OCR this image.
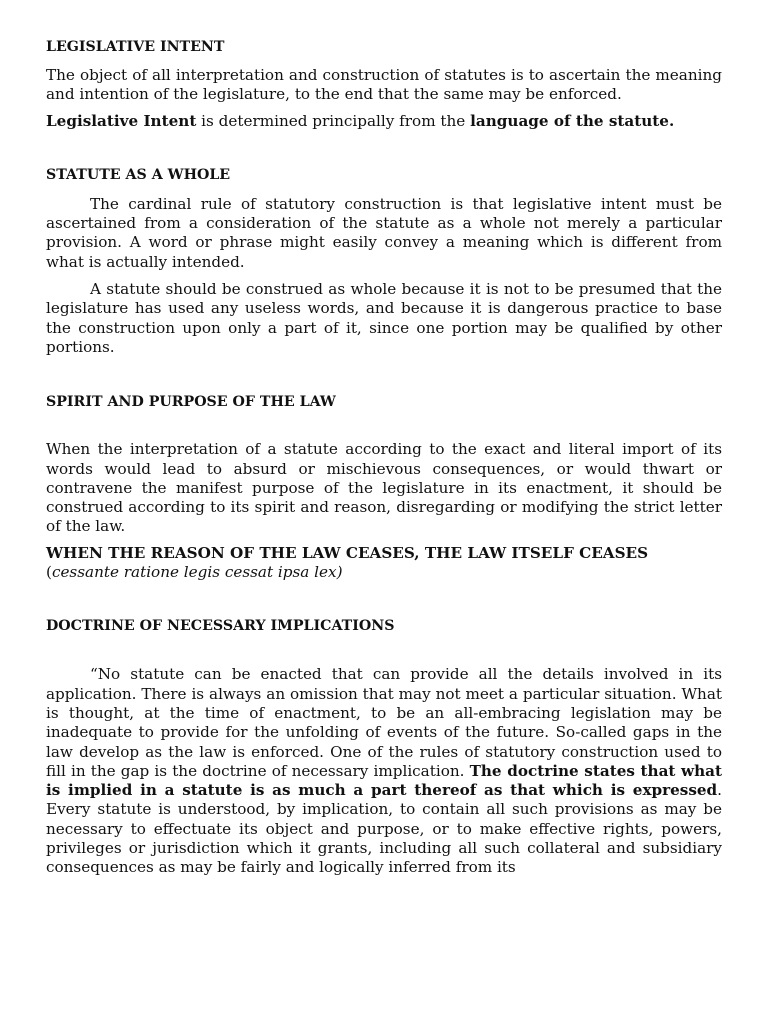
LEGISLATIVE INTENT

The object of all interpretation and construction of statutes is to ascertain the meaning and intention of the legislature, to the end that the same may be enforced.

Legislative Intent is determined principally from the language of the statute.

STATUTE AS A WHOLE

The cardinal rule of statutory construction is that legislative intent must be ascertained from a consideration of the statute as a whole not merely a particular provision. A word or phrase might easily convey a meaning which is different from what is actually intended.

A statute should be construed as whole because it is not to be presumed that the legislature has used any useless words, and because it is dangerous practice to base the construction upon only a part of it, since one portion may be qualified by other portions.

SPIRIT AND PURPOSE OF THE LAW

When the interpretation of a statute according to the exact and literal import of its words would lead to absurd or mischievous consequences, or would thwart or contravene the manifest purpose of the legislature in its enactment, it should be construed according to its spirit and reason, disregarding or modifying the strict letter of the law.

WHEN THE REASON OF THE LAW CEASES, THE LAW ITSELF CEASES

(cessante ratione legis cessat ipsa lex)

DOCTRINE OF NECESSARY IMPLICATIONS

“No statute can be enacted that can provide all the details involved in its application. There is always an omission that may not meet a particular situation. What is thought, at the time of enactment, to be an all-embracing legislation may be inadequate to provide for the unfolding of events of the future. So-called gaps in the law develop as the law is enforced. One of the rules of statutory construction used to fill in the gap is the doctrine of necessary implication. The doctrine states that what is implied in a statute is as much a part thereof as that which is expressed. Every statute is understood, by implication, to contain all such provisions as may be necessary to effectuate its object and purpose, or to make effective rights, powers, privileges or jurisdiction which it grants, including all such collateral and subsidiary consequences as may be fairly and logically inferred from its
